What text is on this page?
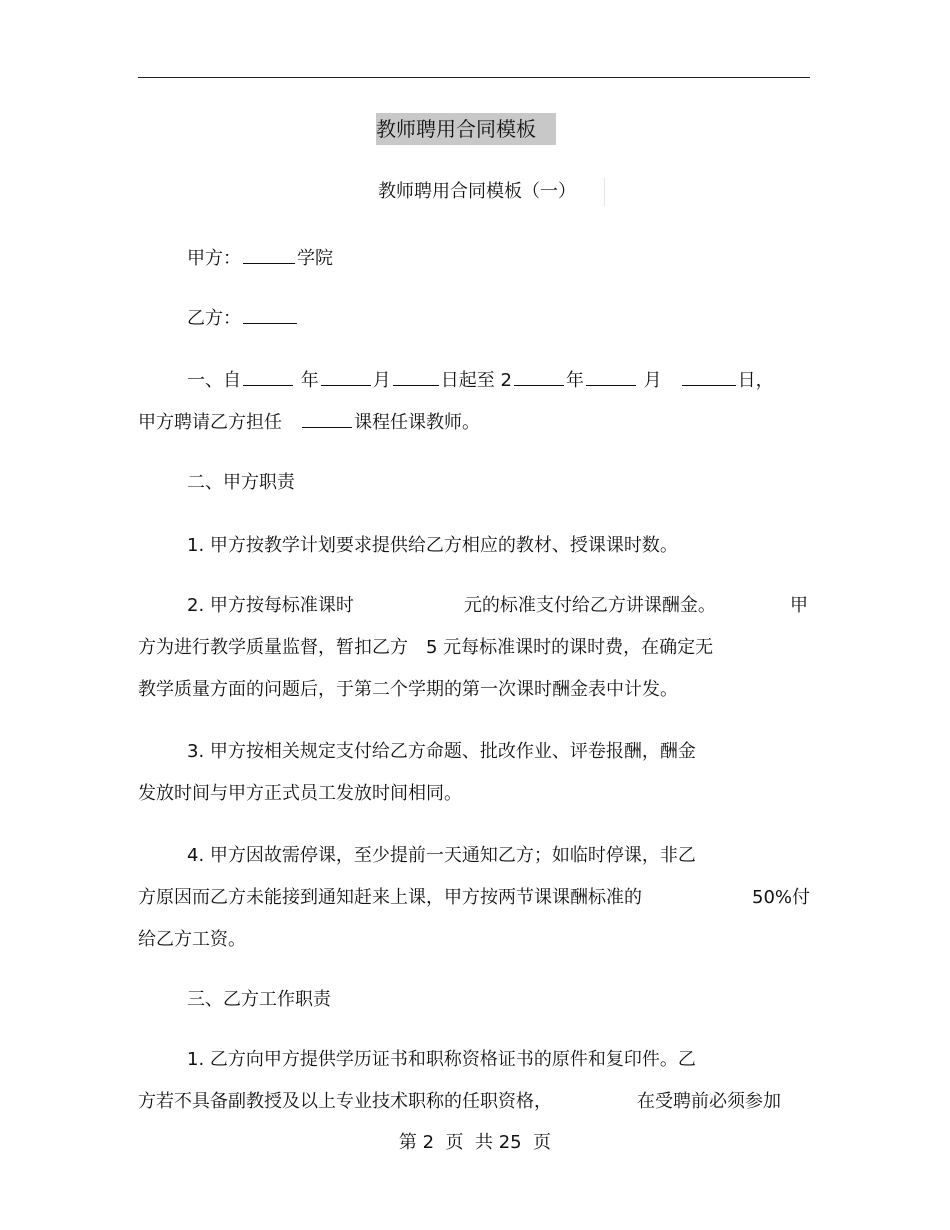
教师聘用合同模板
教师聘用合同模板（一）
甲方：	学院
乙方：
一、自	年	月	日起至 2	年	月　	日，
甲方聘请乙方担任　	课程任课教师。
二、甲方职责
1. 甲方按教学计划要求提供给乙方相应的教材、授课课时数。
2. 甲方按每标准课时	元的标准支付给乙方讲课酬金。	甲
方为进行教学质量监督，暂扣乙方　5 元每标准课时的课时费，在确定无
教学质量方面的问题后，于第二个学期的第一次课时酬金表中计发。
3. 甲方按相关规定支付给乙方命题、批改作业、评卷报酬，酬金
发放时间与甲方正式员工发放时间相同。
4. 甲方因故需停课，至少提前一天通知乙方；如临时停课，非乙
方原因而乙方未能接到通知赶来上课，甲方按两节课课酬标准的	50%付
给乙方工资。
三、乙方工作职责
1. 乙方向甲方提供学历证书和职称资格证书的原件和复印件。乙
方若不具备副教授及以上专业技术职称的任职资格，	在受聘前必须参加
第 2  页  共 25  页
